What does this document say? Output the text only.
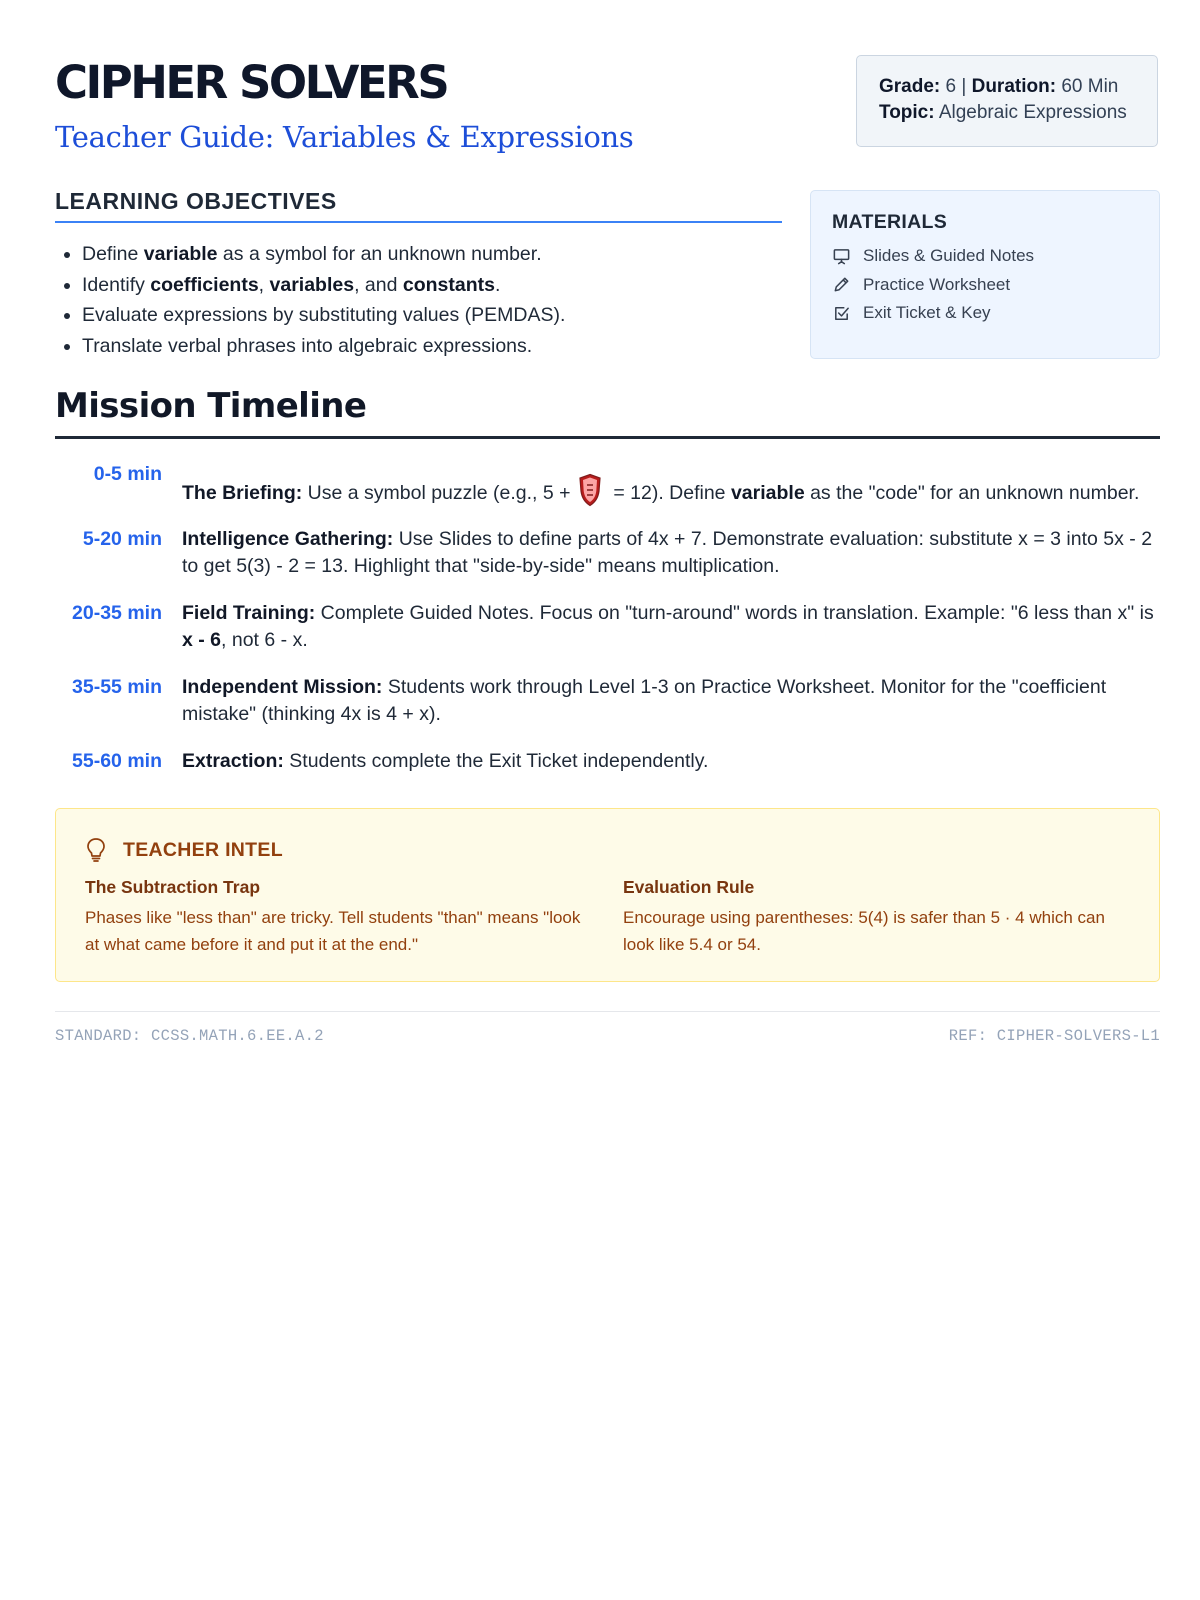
CIPHER SOLVERS
Teacher Guide: Variables & Expressions
Grade: 6 | Duration: 60 Min
Topic: Algebraic Expressions
LEARNING OBJECTIVES
• Define variable as a symbol for an unknown number.
• Identify coefficients, variables, and constants.
• Evaluate expressions by substituting values (PEMDAS).
• Translate verbal phrases into algebraic expressions.
MATERIALS
Slides & Guided Notes
Practice Worksheet
Exit Ticket & Key
Mission Timeline
0-5 min
The Briefing: Use a symbol puzzle (e.g., 5 +  = 12). Define variable as the "code" for an unknown number.
5-20 min Intelligence Gathering: Use Slides to define parts of 4x + 7. Demonstrate evaluation: substitute x = 3 into 5x - 2 to get 5(3) - 2 = 13. Highlight that "side-by-side" means multiplication.
20-35 min Field Training: Complete Guided Notes. Focus on "turn-around" words in translation. Example: "6 less than x" is x - 6, not 6 - x.
35-55 min Independent Mission: Students work through Level 1-3 on Practice Worksheet. Monitor for the "coefficient mistake" (thinking 4x is 4 + x).
55-60 min Extraction: Students complete the Exit Ticket independently.
TEACHER INTEL
The Subtraction Trap

Phases like "less than" are tricky. Tell students "than" means "look at what came before it and put it at the end."

Evaluation Rule

Encourage using parentheses: 5(4) is safer than 5 · 4 which can look like 5.4 or 54.

STANDARD: CCSS.MATH.6.EE.A.2	REF: CIPHER-SOLVERS-L1
